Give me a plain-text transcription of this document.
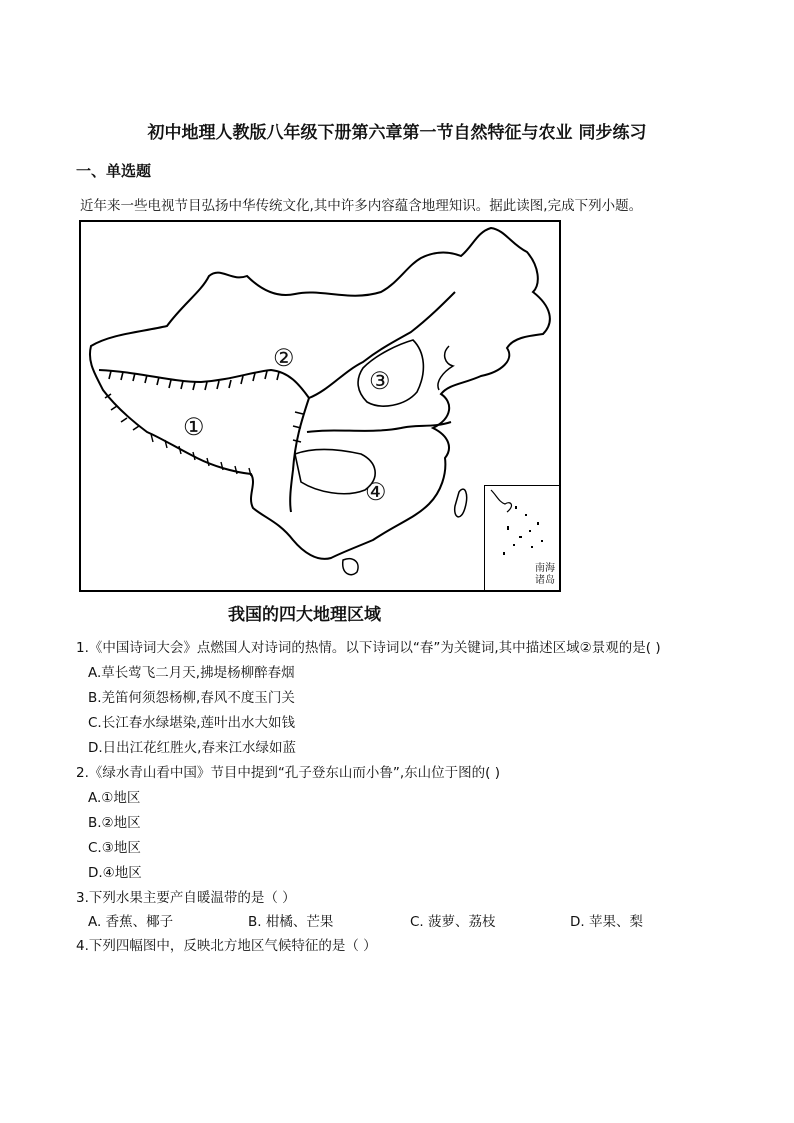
初中地理人教版八年级下册第六章第一节自然特征与农业 同步练习
一、单选题
近年来一些电视节目弘扬中华传统文化,其中许多内容蕴含地理知识。据此读图,完成下列小题。
①
②
③
④
南海
诸岛
我国的四大地理区域
1.《中国诗词大会》点燃国人对诗词的热情。以下诗词以“春”为关键词,其中描述区域②景观的是( )
A.草长莺飞二月天,拂堤杨柳醉春烟
B.羌笛何须怨杨柳,春风不度玉门关
C.长江春水绿堪染,莲叶出水大如钱
D.日出江花红胜火,春来江水绿如蓝
2.《绿水青山看中国》节目中提到“孔子登东山而小鲁”,东山位于图的( )
A.①地区
B.②地区
C.③地区
D.④地区
3.下列水果主要产自暖温带的是（ ）
A. 香蕉、椰子	B. 柑橘、芒果	C. 菠萝、荔枝	D. 苹果、梨
4.下列四幅图中，反映北方地区气候特征的是（ ）
